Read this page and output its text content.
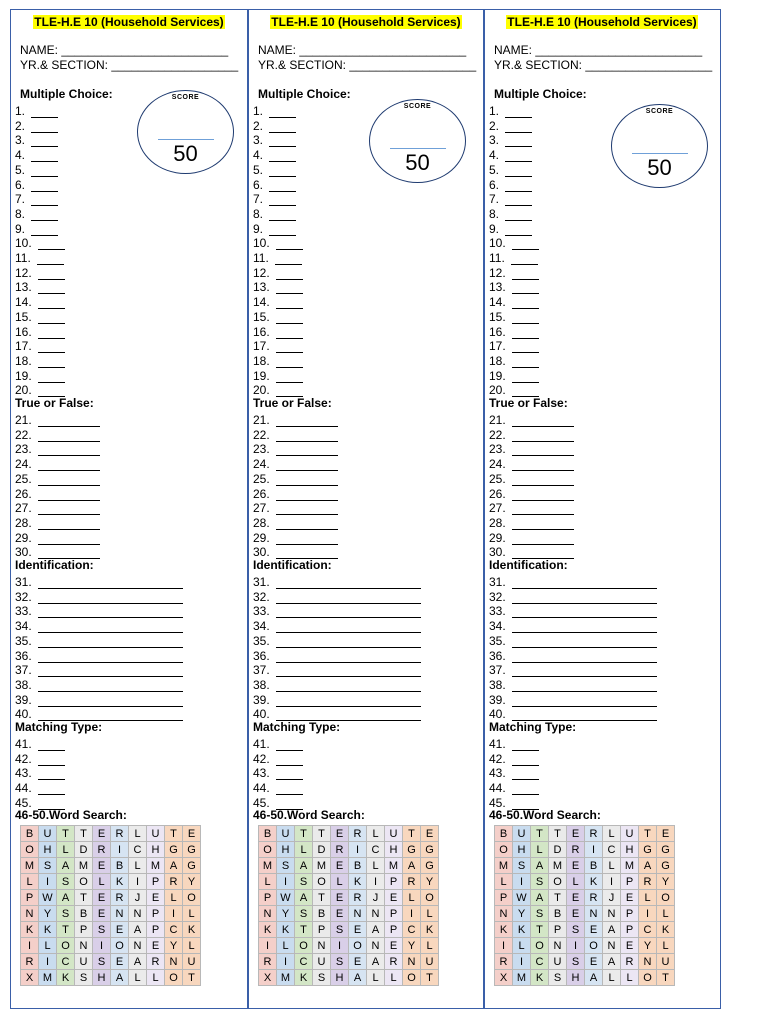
TLE-H.E 10 (Household Services)
NAME: _________________________
YR.& SECTION: ___________________
Multiple Choice:	SCORE
50
1.
2.
3.
4.
5.
6.
7.
8.
9.
10.
11.
12.
13.
14.
15.
16.
17.
18.
19.
20.
21.
22.
23.
24.
25.
26.
27.
28.
29.
30.
31.
32.
33.
34.
35.
36.
37.
38.
39.
40.
41.
42.
43.
44.
45.
True or False:
Identification:
Matching Type:
46-50.Word Search:
B	U	T	T	E	R	L	U	T	E
O	H	L	D	R	I	C	H	G	G
M	S	A	M	E	B	L	M	A	G
L	I	S	O	L	K	I	P	R	Y
P	W	A	T	E	R	J	E	L	O
N	Y	S	B	E	N	N	P	I	L
K	K	T	P	S	E	A	P	C	K
I	L	O	N	I	O	N	E	Y	L
R	I	C	U	S	E	A	R	N	U
X	M	K	S	H	A	L	L	O	T
TLE-H.E 10 (Household Services)
NAME: _________________________
YR.& SECTION: ___________________
Multiple Choice:
SCORE
50
1.
2.
3.
4.
5.
6.
7.
8.
9.
10.
11.
12.
13.
14.
15.
16.
17.
18.
19.
20.
21.
22.
23.
24.
25.
26.
27.
28.
29.
30.
31.
32.
33.
34.
35.
36.
37.
38.
39.
40.
41.
42.
43.
44.
45.
True or False:
Identification:
Matching Type:
46-50.Word Search:
B	U	T	T	E	R	L	U	T	E
O	H	L	D	R	I	C	H	G	G
M	S	A	M	E	B	L	M	A	G
L	I	S	O	L	K	I	P	R	Y
P	W	A	T	E	R	J	E	L	O
N	Y	S	B	E	N	N	P	I	L
K	K	T	P	S	E	A	P	C	K
I	L	O	N	I	O	N	E	Y	L
R	I	C	U	S	E	A	R	N	U
X	M	K	S	H	A	L	L	O	T
TLE-H.E 10 (Household Services)
NAME: _________________________
YR.& SECTION: ___________________
Multiple Choice:
SCORE
50
1.
2.
3.
4.
5.
6.
7.
8.
9.
10.
11.
12.
13.
14.
15.
16.
17.
18.
19.
20.
21.
22.
23.
24.
25.
26.
27.
28.
29.
30.
31.
32.
33.
34.
35.
36.
37.
38.
39.
40.
41.
42.
43.
44.
45.
True or False:
Identification:
Matching Type:
46-50.Word Search:
B	U	T	T	E	R	L	U	T	E
O	H	L	D	R	I	C	H	G	G
M	S	A	M	E	B	L	M	A	G
L	I	S	O	L	K	I	P	R	Y
P	W	A	T	E	R	J	E	L	O
N	Y	S	B	E	N	N	P	I	L
K	K	T	P	S	E	A	P	C	K
I	L	O	N	I	O	N	E	Y	L
R	I	C	U	S	E	A	R	N	U
X	M	K	S	H	A	L	L	O	T
